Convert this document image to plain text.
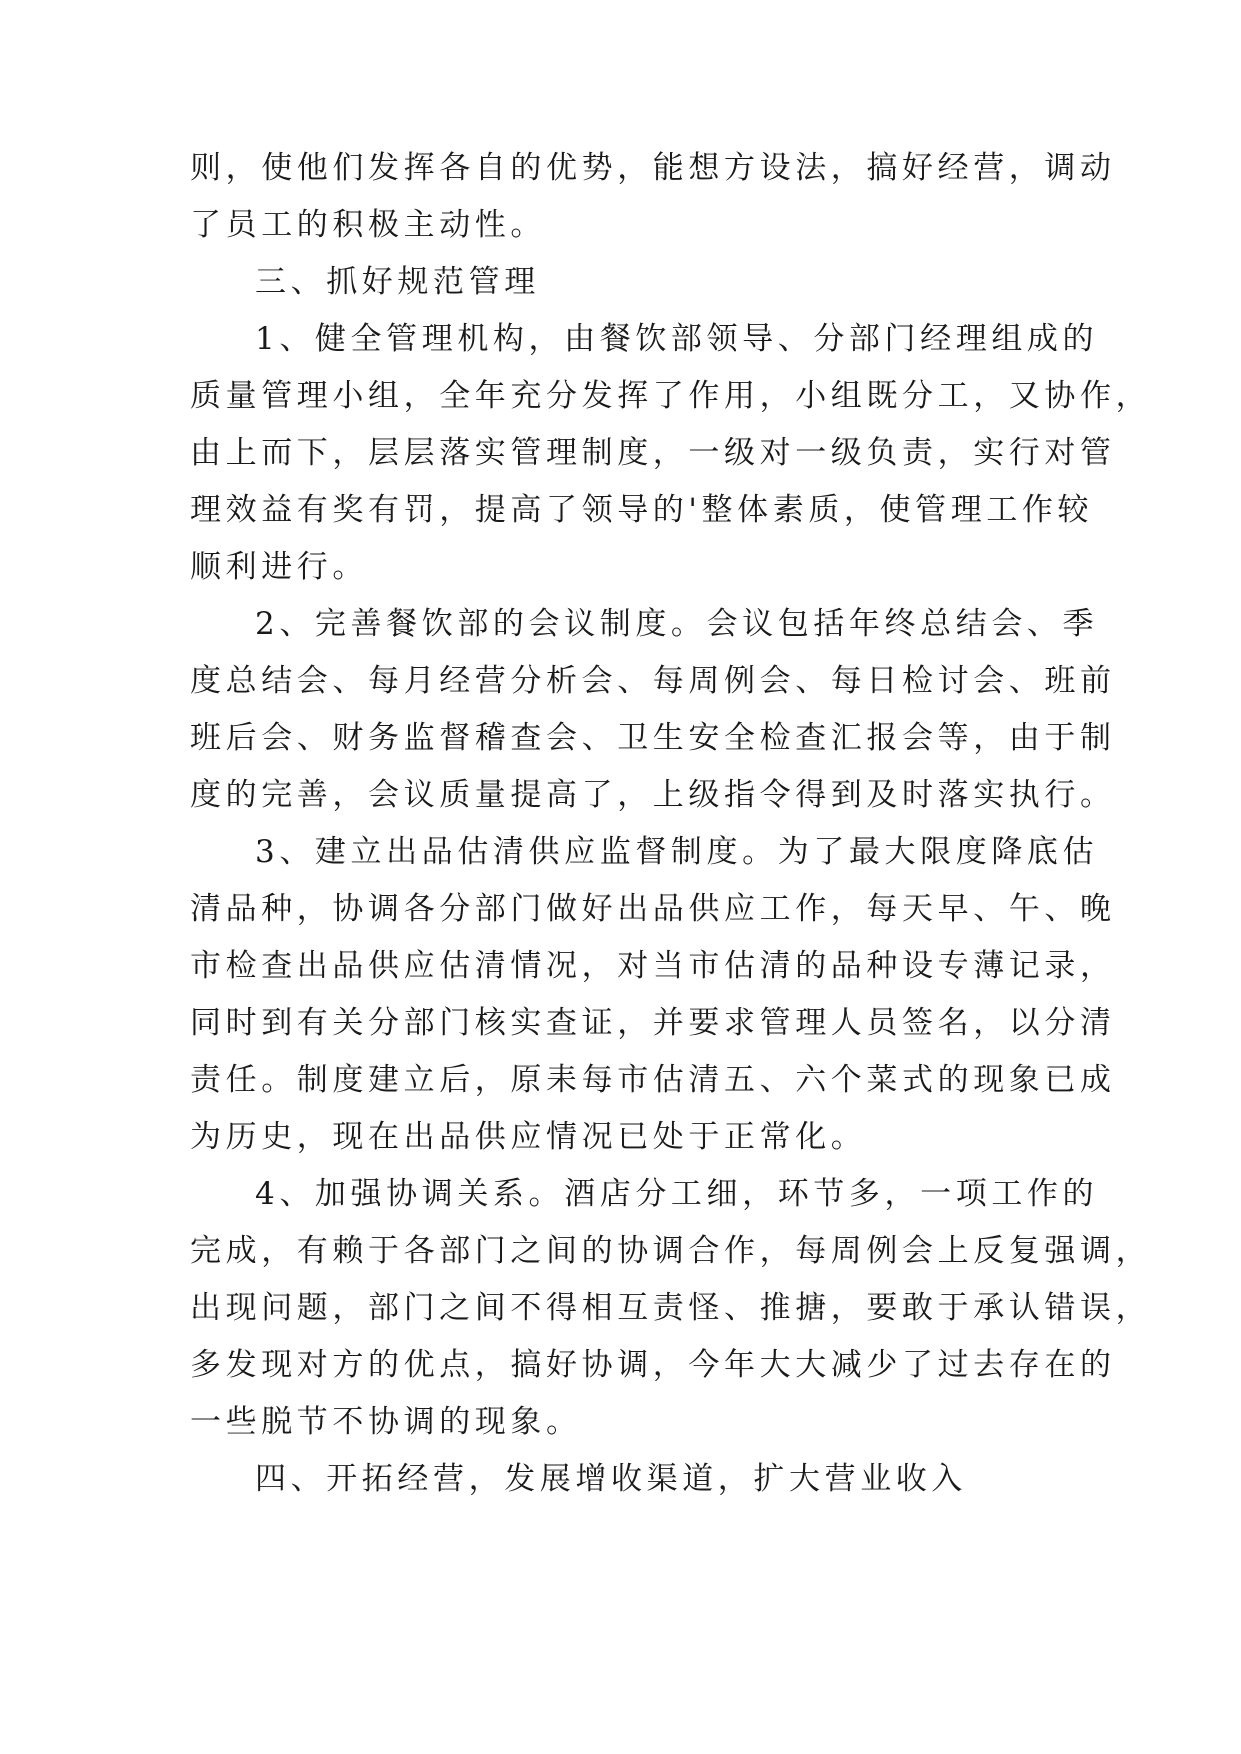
则，使他们发挥各自的优势，能想方设法，搞好经营，调动
了员工的积极主动性。
三、抓好规范管理
1、健全管理机构，由餐饮部领导、分部门经理组成的
质量管理小组，全年充分发挥了作用，小组既分工，又协作，
由上而下，层层落实管理制度，一级对一级负责，实行对管
理效益有奖有罚，提高了领导的'整体素质，使管理工作较
顺利进行。
2、完善餐饮部的会议制度。会议包括年终总结会、季
度总结会、每月经营分析会、每周例会、每日检讨会、班前
班后会、财务监督稽查会、卫生安全检查汇报会等，由于制
度的完善，会议质量提高了，上级指令得到及时落实执行。
3、建立出品估清供应监督制度。为了最大限度降底估
清品种，协调各分部门做好出品供应工作，每天早、午、晚
市检查出品供应估清情况，对当市估清的品种设专薄记录，
同时到有关分部门核实查证，并要求管理人员签名，以分清
责任。制度建立后，原耒每市估清五、六个菜式的现象已成
为历史，现在出品供应情况已处于正常化。
4、加强协调关系。酒店分工细，环节多，一项工作的
完成，有赖于各部门之间的协调合作，每周例会上反复强调，
出现问题，部门之间不得相互责怪、推搪，要敢于承认错误，
多发现对方的优点，搞好协调，今年大大减少了过去存在的
一些脱节不协调的现象。
四、开拓经营，发展增收渠道，扩大营业收入
